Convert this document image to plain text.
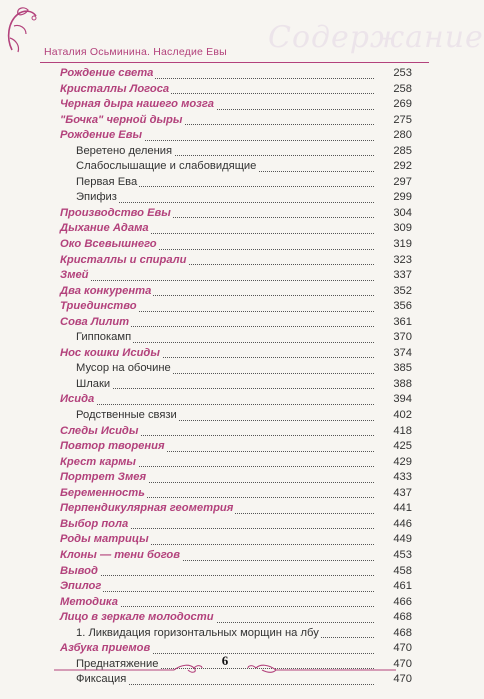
Содержание
Наталия Осьминина. Наследие Евы
Рождение света	253
Кристаллы Логоса	258
Черная дыра нашего мозга	269
"Бочка" черной дыры	275
Рождение Евы	280
Веретено деления	285
Слабослышащие и слабовидящие	292
Первая Ева	297
Эпифиз	299
Производство Евы	304
Дыхание Адама	309
Око Всевышнего	319
Кристаллы и спирали	323
Змей	337
Два конкурента	352
Триединство	356
Сова Лилит	361
Гиппокамп	370
Нос кошки Исиды	374
Мусор на обочине	385
Шлаки	388
Исида	394
Родственные связи	402
Следы Исиды	418
Повтор творения	425
Крест кармы	429
Портрет Змея	433
Беременность	437
Перпендикулярная геометрия	441
Выбор пола	446
Роды матрицы	449
Клоны — тени богов	453
Вывод	458
Эпилог	461
Методика	466
Лицо в зеркале молодости	468
1. Ликвидация горизонтальных морщин на лбу	468
Азбука приемов	470
Преднатяжение	470
Фиксация	470
6
